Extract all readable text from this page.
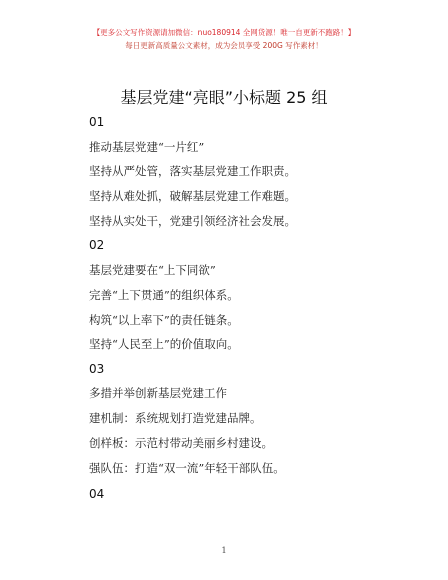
【更多公文写作资源请加微信：nuo180914 全网货源！唯一自更新不跑路！】
每日更新高质量公文素材，成为会员享受 200G 写作素材！
基层党建“亮眼”小标题 25 组
01
推动基层党建“一片红”
坚持从严处管，落实基层党建工作职责。
坚持从难处抓，破解基层党建工作难题。
坚持从实处干，党建引领经济社会发展。
02
基层党建要在“上下同欲”
完善“上下贯通”的组织体系。
构筑“以上率下”的责任链条。
坚持“人民至上”的价值取向。
03
多措并举创新基层党建工作
建机制：系统规划打造党建品牌。
创样板：示范村带动美丽乡村建设。
强队伍：打造“双一流”年轻干部队伍。
04
1
